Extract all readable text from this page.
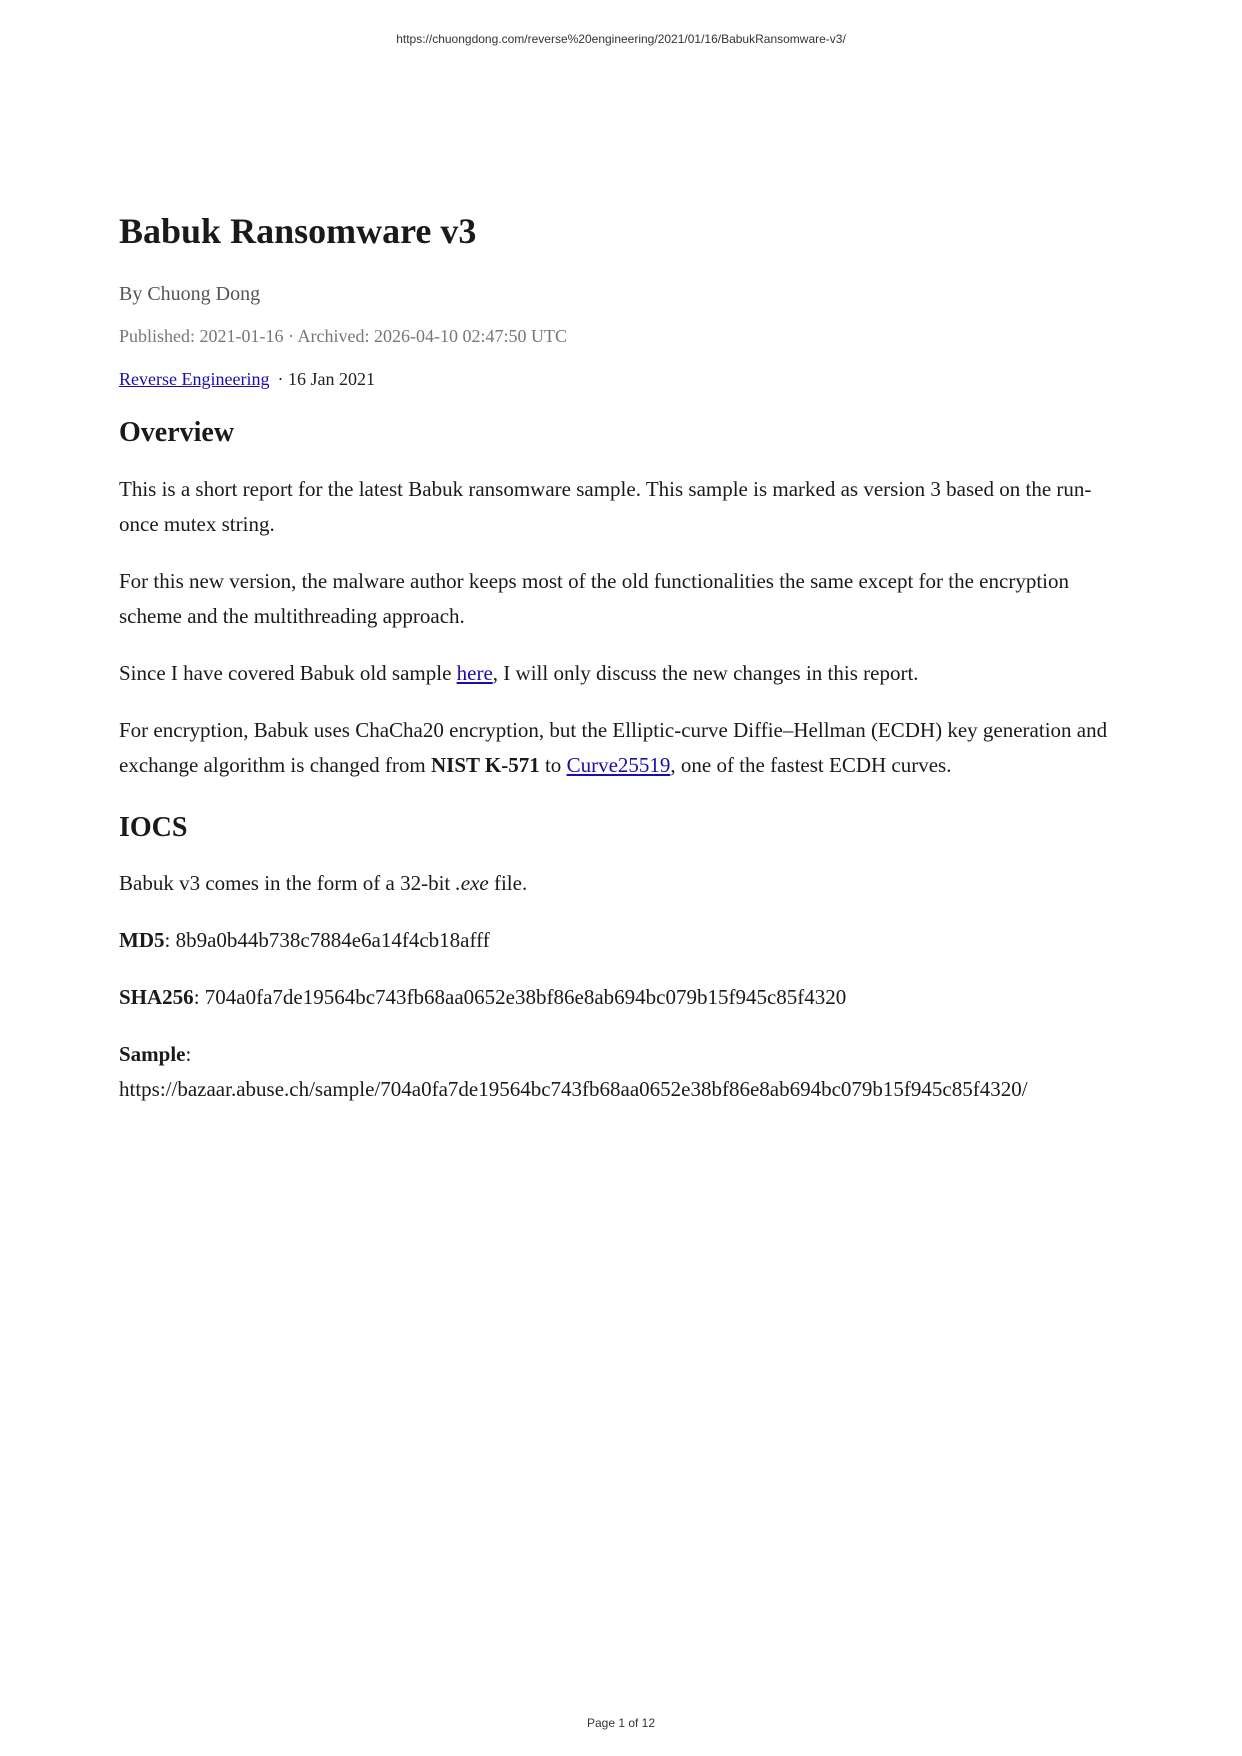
https://chuongdong.com/reverse%20engineering/2021/01/16/BabukRansomware-v3/
Babuk Ransomware v3
By Chuong Dong
Published: 2021-01-16 · Archived: 2026-04-10 02:47:50 UTC
Reverse Engineering · 16 Jan 2021
Overview

This is a short report for the latest Babuk ransomware sample. This sample is marked as version 3 based on the run-once mutex string.

For this new version, the malware author keeps most of the old functionalities the same except for the encryption scheme and the multithreading approach.

Since I have covered Babuk old sample here, I will only discuss the new changes in this report.

For encryption, Babuk uses ChaCha20 encryption, but the Elliptic-curve Diffie–Hellman (ECDH) key generation and exchange algorithm is changed from NIST K-571 to Curve25519, one of the fastest ECDH curves.

IOCS

Babuk v3 comes in the form of a 32-bit .exe file.

MD5: 8b9a0b44b738c7884e6a14f4cb18afff

SHA256: 704a0fa7de19564bc743fb68aa0652e38bf86e8ab694bc079b15f945c85f4320

Sample:
https://bazaar.abuse.ch/sample/704a0fa7de19564bc743fb68aa0652e38bf86e8ab694bc079b15f945c85f4320/

Page 1 of 12
